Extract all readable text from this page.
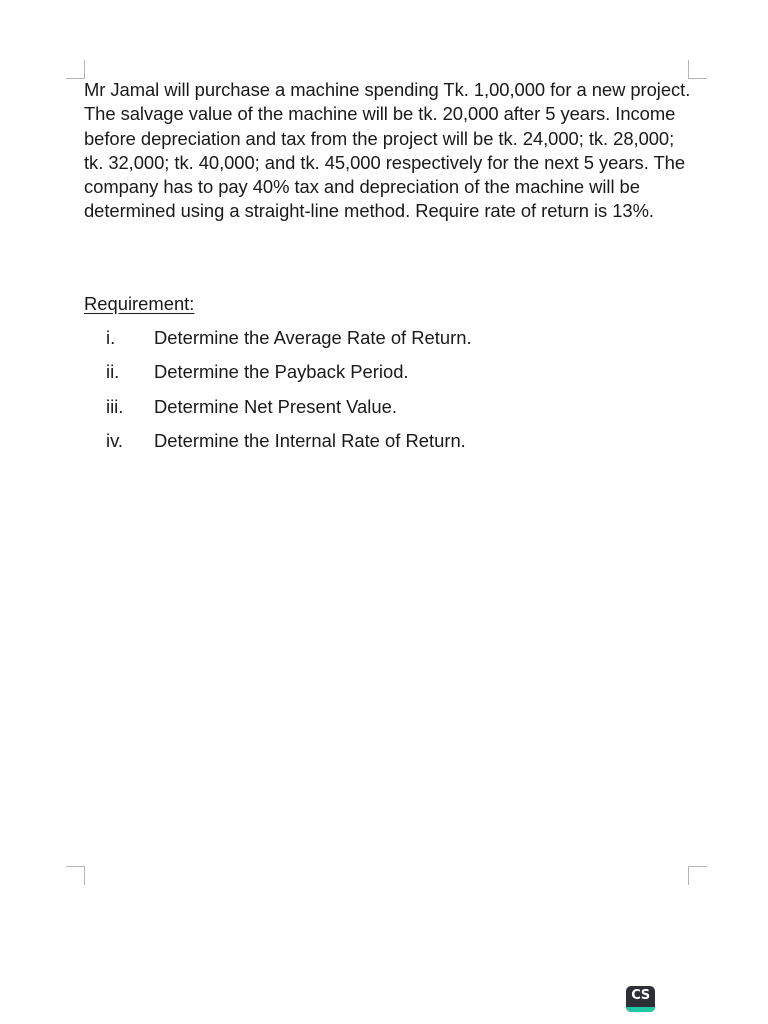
Mr Jamal will purchase a machine spending Tk. 1,00,000 for a new project. The salvage value of the machine will be tk. 20,000 after 5 years. Income before depreciation and tax from the project will be tk. 24,000; tk. 28,000; tk. 32,000; tk. 40,000; and tk. 45,000 respectively for the next 5 years. The company has to pay 40% tax and depreciation of the machine will be determined using a straight-line method. Require rate of return is 13%.

Requirement:

i. Determine the Average Rate of Return.
ii. Determine the Payback Period.
iii. Determine Net Present Value.
iv. Determine the Internal Rate of Return.
CS
